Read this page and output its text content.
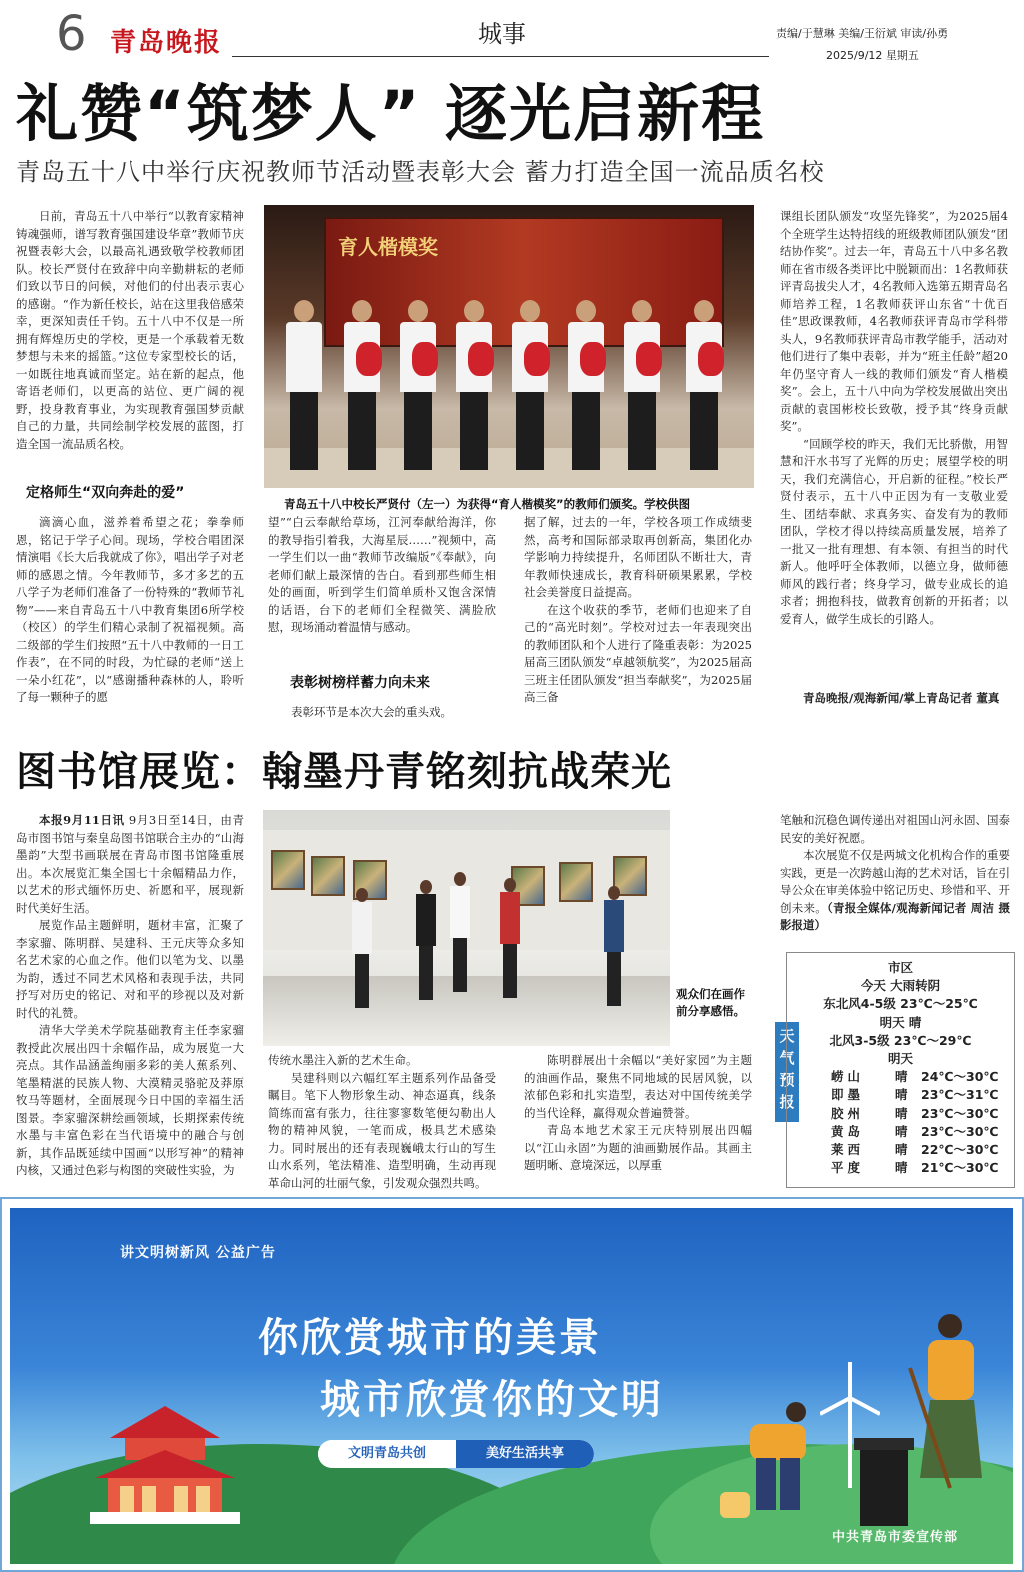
6 青岛晚报	城事	责编/于慧琳 美编/王衍斌 审读/孙勇
2025/9/12 星期五
礼赞“筑梦人” 逐光启新程
青岛五十八中举行庆祝教师节活动暨表彰大会 蓄力打造全国一流品质名校

日前，青岛五十八中举行“以教育家精神铸魂强师，谱写教育强国建设华章”教师节庆祝暨表彰大会，以最高礼遇致敬学校教师团队。校长严贤付在致辞中向辛勤耕耘的老师们致以节日的问候，对他们的付出表示衷心的感谢。“作为新任校长，站在这里我倍感荣幸，更深知责任千钧。五十八中不仅是一所拥有辉煌历史的学校，更是一个承载着无数梦想与未来的摇篮。”这位专家型校长的话，一如既往地真诚而坚定。站在新的起点，他寄语老师们，以更高的站位、更广阔的视野，投身教育事业，为实现教育强国梦贡献自己的力量，共同绘制学校发展的蓝图，打造全国一流品质名校。

定格师生“双向奔赴的爱”

滴滴心血，滋养着希望之花；拳拳师恩，铭记于学子心间。现场，学校合唱团深情演唱《长大后我就成了你》，唱出学子对老师的感恩之情。今年教师节，多才多艺的五八学子为老师们准备了一份特殊的“教师节礼物”——来自青岛五十八中教育集团6所学校（校区）的学生们精心录制了祝福视频。高二级部的学生们按照“五十八中教师的一日工作表”，在不同的时段，为忙碌的老师“送上一朵小红花”，以“感谢播种森林的人，聆听了每一颗种子的愿

育人楷模奖
青岛五十八中校长严贤付（左一）为获得“育人楷模奖”的教师们颁奖。学校供图

望”“白云奉献给草场，江河奉献给海洋，你的教导指引着我，大海星辰……”视频中，高一学生们以一曲“教师节改编版”《奉献》，向老师们献上最深情的告白。看到那些师生相处的画面，听到学生们简单质朴又饱含深情的话语，台下的老师们全程微笑、满脸欣慰，现场涌动着温情与感动。

表彰树榜样蓄力向未来

表彰环节是本次大会的重头戏。

据了解，过去的一年，学校各项工作成绩斐然，高考和国际部录取再创新高，集团化办学影响力持续提升，名师团队不断壮大，青年教师快速成长，教育科研硕果累累，学校社会美誉度日益提高。

在这个收获的季节，老师们也迎来了自己的“高光时刻”。学校对过去一年表现突出的教师团队和个人进行了隆重表彰：为2025届高三团队颁发“卓越领航奖”，为2025届高三班主任团队颁发“担当奉献奖”，为2025届高三备

课组长团队颁发“攻坚先锋奖”，为2025届4个全班学生达特招线的班级教师团队颁发“团结协作奖”。过去一年，青岛五十八中多名教师在省市级各类评比中脱颖而出：1名教师获评青岛拔尖人才，4名教师入选第五期青岛名师培养工程，1名教师获评山东省“十优百佳”思政课教师，4名教师获评青岛市学科带头人，9名教师获评青岛市教学能手，活动对他们进行了集中表彰，并为“班主任龄”超20年仍坚守育人一线的教师们颁发“育人楷模奖”。会上，五十八中向为学校发展做出突出贡献的袁国彬校长致敬，授予其“终身贡献奖”。

“回顾学校的昨天，我们无比骄傲，用智慧和汗水书写了光辉的历史；展望学校的明天，我们充满信心，开启新的征程。”校长严贤付表示，五十八中正因为有一支敬业爱生、团结奉献、求真务实、奋发有为的教师团队，学校才得以持续高质量发展，培养了一批又一批有理想、有本领、有担当的时代新人。他呼吁全体教师，以德立身，做师德师风的践行者；终身学习，做专业成长的追求者；拥抱科技，做教育创新的开拓者；以爱育人，做学生成长的引路人。

青岛晚报/观海新闻/掌上青岛记者 董真

图书馆展览：翰墨丹青铭刻抗战荣光

本报9月11日讯 9月3日至14日，由青岛市图书馆与秦皇岛图书馆联合主办的“山海墨韵”大型书画联展在青岛市图书馆隆重展出。本次展览汇集全国七十余幅精品力作，以艺术的形式缅怀历史、祈愿和平，展现新时代美好生活。

展览作品主题鲜明，题材丰富，汇聚了李家骝、陈明群、吴建科、王元庆等众多知名艺术家的心血之作。他们以笔为戈、以墨为韵，透过不同艺术风格和表现手法，共同抒写对历史的铭记、对和平的珍视以及对新时代的礼赞。

清华大学美术学院基础教育主任李家骝教授此次展出四十余幅作品，成为展览一大亮点。其作品涵盖绚丽多彩的美人蕉系列、笔墨精湛的民族人物、大漠精灵骆驼及莽原牧马等题材，全面展现今日中国的幸福生活图景。李家骝深耕绘画领域，长期探索传统水墨与丰富色彩在当代语境中的融合与创新，其作品既延续中国画“以形写神”的精神内核，又通过色彩与构图的突破性实验，为

观众们在画作前分享感悟。

传统水墨注入新的艺术生命。

吴建科则以六幅红军主题系列作品备受瞩目。笔下人物形象生动、神态逼真，线条简练而富有张力，往往寥寥数笔便勾勒出人物的精神风貌，一笔而成，极具艺术感染力。同时展出的还有表现巍峨太行山的写生山水系列，笔法精准、造型明确，生动再现革命山河的壮丽气象，引发观众强烈共鸣。

陈明群展出十余幅以“美好家园”为主题的油画作品，聚焦不同地域的民居风貌，以浓郁色彩和扎实造型，表达对中国传统美学的当代诠释，赢得观众普遍赞誉。

青岛本地艺术家王元庆特别展出四幅以“江山永固”为题的油画勤展作品。其画主题明晰、意境深远，以厚重

笔触和沉稳色调传递出对祖国山河永固、国泰民安的美好祝愿。

本次展览不仅是两城文化机构合作的重要实践，更是一次跨越山海的艺术对话，旨在引导公众在审美体验中铭记历史、珍惜和平、开创未来。（青报全媒体/观海新闻记者 周洁 摄影报道）

天气预报
市区
今天 大雨转阴
东北风4-5级 23℃～25℃
明天 晴
北风3-5级 23℃～29℃
明天
崂山	晴	24℃～30℃
即墨	晴	23℃～31℃
胶州	晴	23℃～30℃
黄岛	晴	23℃～30℃
莱西	晴	22℃～30℃
平度	晴	21℃～30℃
讲文明树新风 公益广告
你欣赏城市的美景
城市欣赏你的文明
文明青岛共创	美好生活共享
中共青岛市委宣传部
